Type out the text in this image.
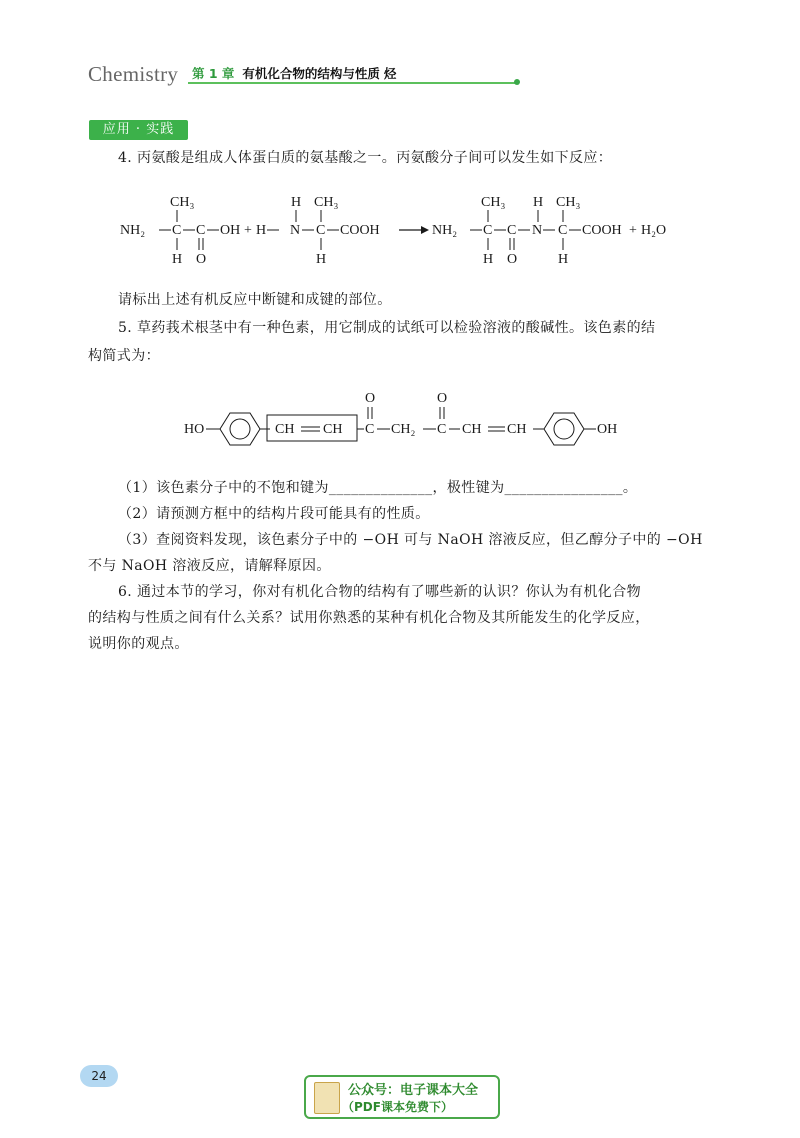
Chemistry 第 1 章 有机化合物的结构与性质 烃
应用 · 实践
4. 丙氨酸是组成人体蛋白质的氨基酸之一。丙氨酸分子间可以发生如下反应：
CH₃
NH₂ C
H
C
O
OH + H
H
N
CH₃
C
H
COOH	NH₂
CH₃
C
H
C
O
H
N
CH₃
C
H
COOH + H₂O
请标出上述有机反应中断键和成键的部位。
5. 草药莪术根茎中有一种色素，用它制成的试纸可以检验溶液的酸碱性。该色素的结
构简式为：
HO	CH CH
O
C CH₂
O
C CH CH	OH
（1）该色素分子中的不饱和键为______________，极性键为________________。
（2）请预测方框中的结构片段可能具有的性质。
（3）查阅资料发现，该色素分子中的 −OH 可与 NaOH 溶液反应，但乙醇分子中的 −OH
不与 NaOH 溶液反应，请解释原因。
6. 通过本节的学习，你对有机化合物的结构有了哪些新的认识？你认为有机化合物
的结构与性质之间有什么关系？试用你熟悉的某种有机化合物及其所能发生的化学反应，
说明你的观点。
24
公众号：电子课本大全
（PDF课本免费下）
